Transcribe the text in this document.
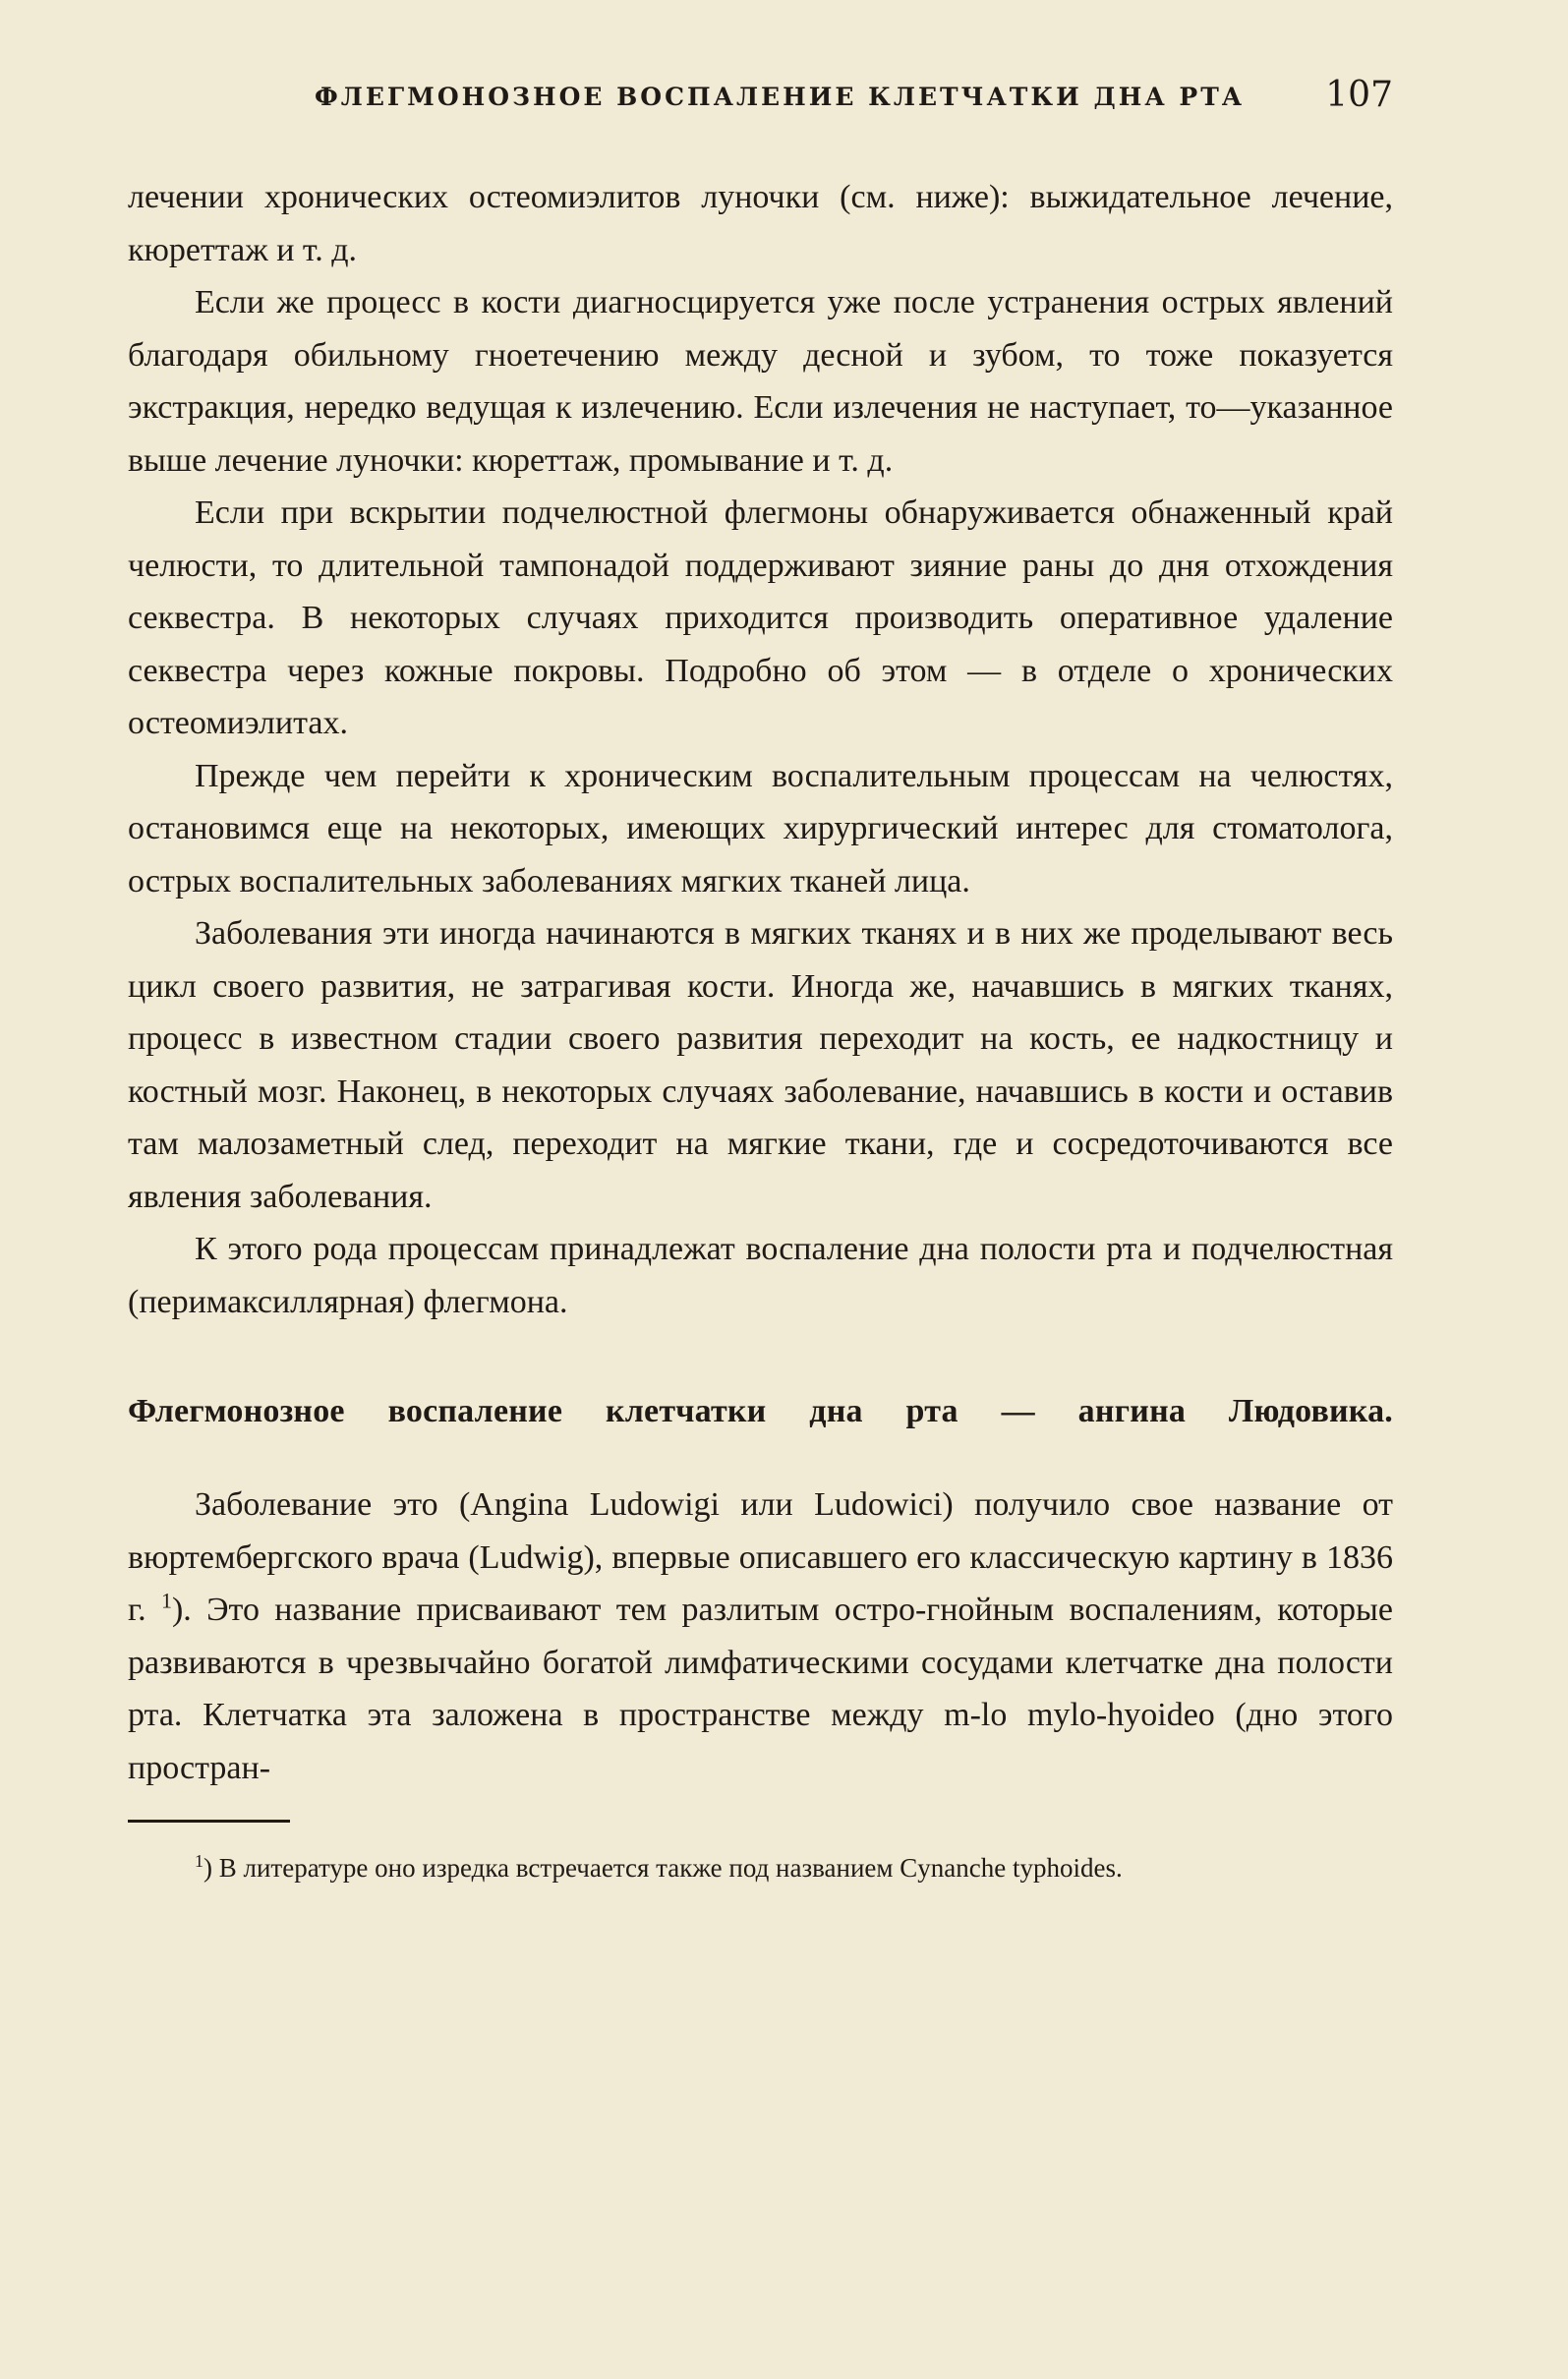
ФЛЕГМОНОЗНОЕ ВОСПАЛЕНИЕ КЛЕТЧАТКИ ДНА РТА 107

лечении хронических остеомиэлитов луночки (см. ниже): выжидательное лечение, кюреттаж и т. д.

Если же процесс в кости диагносцируется уже после устранения острых явлений благодаря обильному гноетечению между десной и зубом, то тоже показуется экстракция, нередко ведущая к излечению. Если излечения не наступает, то—указанное выше лечение луночки: кюреттаж, промывание и т. д.

Если при вскрытии подчелюстной флегмоны обнаруживается обнаженный край челюсти, то длительной тампонадой поддерживают зияние раны до дня отхождения секвестра. В некоторых случаях приходится производить оперативное удаление секвестра через кожные покровы. Подробно об этом — в отделе о хронических остеомиэлитах.

Прежде чем перейти к хроническим воспалительным процессам на челюстях, остановимся еще на некоторых, имеющих хирургический интерес для стоматолога, острых воспалительных заболеваниях мягких тканей лица.

Заболевания эти иногда начинаются в мягких тканях и в них же проделывают весь цикл своего развития, не затрагивая кости. Иногда же, начавшись в мягких тканях, процесс в известном стадии своего развития переходит на кость, ее надкостницу и костный мозг. Наконец, в некоторых случаях заболевание, начавшись в кости и оставив там малозаметный след, переходит на мягкие ткани, где и сосредоточиваются все явления заболевания.

К этого рода процессам принадлежат воспаление дна полости рта и подчелюстная (перимаксиллярная) флегмона.

Флегмонозное воспаление клетчатки дна рта — ангина Людовика.

Заболевание это (Angina Ludowigi или Ludowici) получило свое название от вюртембергского врача (Ludwig), впервые описавшего его классическую картину в 1836 г. $^1$). Это название присваивают тем разлитым остро-гнойным воспалениям, которые развиваются в чрезвычайно богатой лимфатическими сосудами клетчатке дна полости рта. Клетчатка эта заложена в пространстве между m-lo mylo-hyoideo (дно этого простран-

$^1$) В литературе оно изредка встречается также под названием Cynanche typhoides.
